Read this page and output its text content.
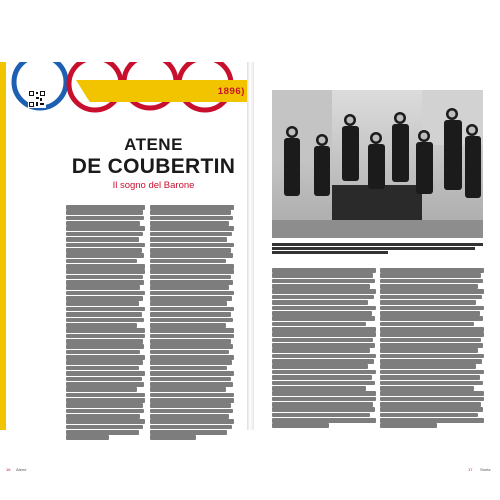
1896)
ATENE
DE COUBERTIN
Il sogno del Barone
16 Atene	17 Storia
